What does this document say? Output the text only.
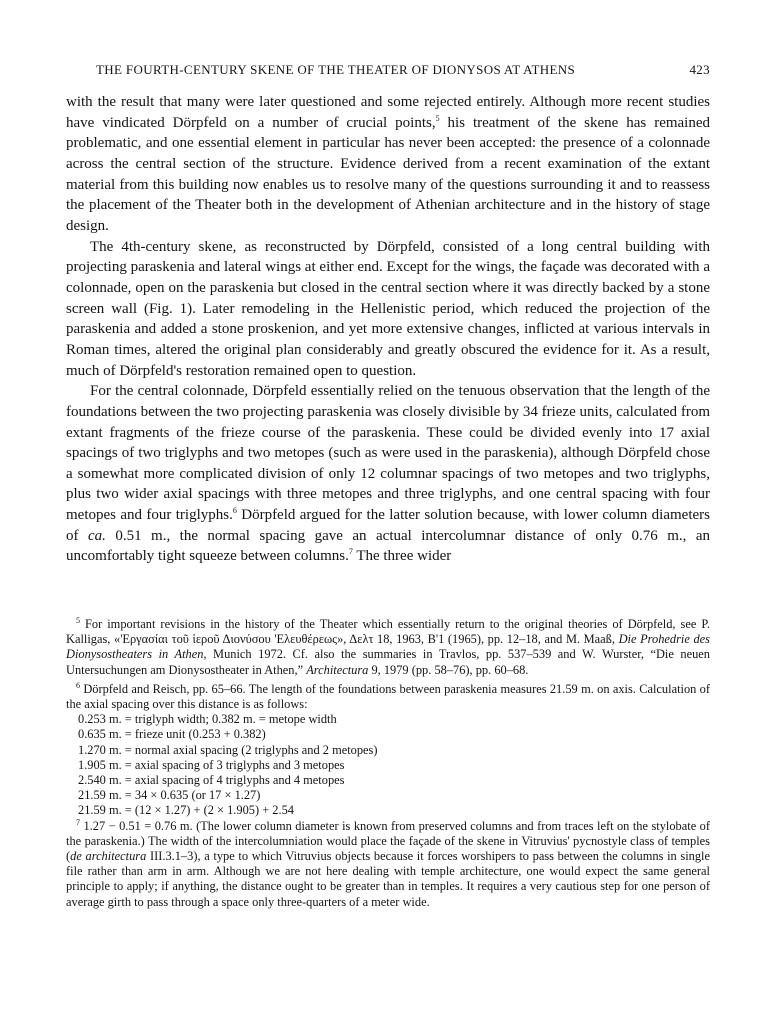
THE FOURTH-CENTURY SKENE OF THE THEATER OF DIONYSOS AT ATHENS	423

with the result that many were later questioned and some rejected entirely. Although more recent studies have vindicated Dörpfeld on a number of crucial points,$^5$ his treatment of the skene has remained problematic, and one essential element in particular has never been accepted: the presence of a colonnade across the central section of the structure. Evidence derived from a recent examination of the extant material from this building now enables us to resolve many of the questions surrounding it and to reassess the placement of the Theater both in the development of Athenian architecture and in the history of stage design.

The 4th-century skene, as reconstructed by Dörpfeld, consisted of a long central building with projecting paraskenia and lateral wings at either end. Except for the wings, the façade was decorated with a colonnade, open on the paraskenia but closed in the central section where it was directly backed by a stone screen wall (Fig. 1). Later remodeling in the Hellenistic period, which reduced the projection of the paraskenia and added a stone proskenion, and yet more extensive changes, inflicted at various intervals in Roman times, altered the original plan considerably and greatly obscured the evidence for it. As a result, much of Dörpfeld's restoration remained open to question.

For the central colonnade, Dörpfeld essentially relied on the tenuous observation that the length of the foundations between the two projecting paraskenia was closely divisible by 34 frieze units, calculated from extant fragments of the frieze course of the paraskenia. These could be divided evenly into 17 axial spacings of two triglyphs and two metopes (such as were used in the paraskenia), although Dörpfeld chose a somewhat more complicated division of only 12 columnar spacings of two metopes and two triglyphs, plus two wider axial spacings with three metopes and three triglyphs, and one central spacing with four metopes and four triglyphs.$^6$ Dörpfeld argued for the latter solution because, with lower column diameters of ca. 0.51 m., the normal spacing gave an actual intercolumnar distance of only 0.76 m., an uncomfortably tight squeeze between columns.$^7$ The three wider

$^5$ For important revisions in the history of the Theater which essentially return to the original theories of Dörpfeld, see P. Kalligas, «'Εργασίαι τοῦ ἱεροῦ Διονύσου 'Ελευθέρεως», Δελτ 18, 1963, B'1 (1965), pp. 12–18, and M. Maaß, Die Prohedrie des Dionysostheaters in Athen, Munich 1972. Cf. also the summaries in Travlos, pp. 537–539 and W. Wurster, “Die neuen Untersuchungen am Dionysostheater in Athen,” Architectura 9, 1979 (pp. 58–76), pp. 60–68.

$^6$ Dörpfeld and Reisch, pp. 65–66. The length of the foundations between paraskenia measures 21.59 m. on axis. Calculation of the axial spacing over this distance is as follows:

0.253 m. = triglyph width; 0.382 m. = metope width
0.635 m. = frieze unit (0.253 + 0.382)
1.270 m. = normal axial spacing (2 triglyphs and 2 metopes)
1.905 m. = axial spacing of 3 triglyphs and 3 metopes
2.540 m. = axial spacing of 4 triglyphs and 4 metopes
21.59 m. = 34 × 0.635 (or 17 × 1.27)
21.59 m. = (12 × 1.27) + (2 × 1.905) + 2.54

$^7$ 1.27 − 0.51 = 0.76 m. (The lower column diameter is known from preserved columns and from traces left on the stylobate of the paraskenia.) The width of the intercolumniation would place the façade of the skene in Vitruvius' pycnostyle class of temples (de architectura III.3.1–3), a type to which Vitruvius objects because it forces worshipers to pass between the columns in single file rather than arm in arm. Although we are not here dealing with temple architecture, one would expect the same general principle to apply; if anything, the distance ought to be greater than in temples. It requires a very cautious step for one person of average girth to pass through a space only three-quarters of a meter wide.
